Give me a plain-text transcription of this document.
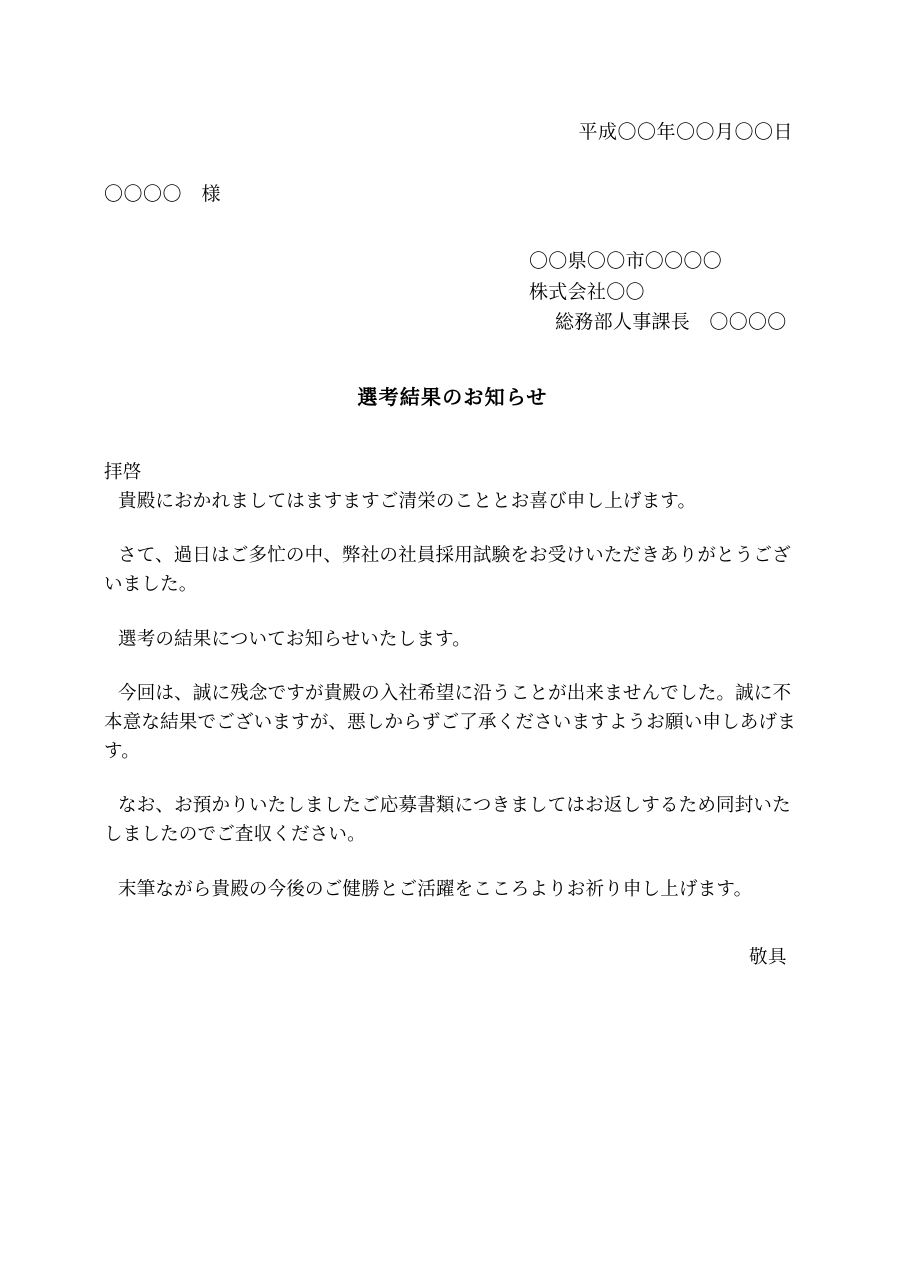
平成〇〇年〇〇月〇〇日

〇〇〇〇　様

〇〇県〇〇市〇〇〇〇

株式会社〇〇

総務部人事課長　〇〇〇〇

選考結果のお知らせ

拝啓

貴殿におかれましてはますますご清栄のこととお喜び申し上げます。

さて、過日はご多忙の中、弊社の社員採用試験をお受けいただきありがとうございました。

選考の結果についてお知らせいたします。

今回は、誠に残念ですが貴殿の入社希望に沿うことが出来ませんでした。誠に不本意な結果でございますが、悪しからずご了承くださいますようお願い申しあげます。

なお、お預かりいたしましたご応募書類につきましてはお返しするため同封いたしましたのでご査収ください。

末筆ながら貴殿の今後のご健勝とご活躍をこころよりお祈り申し上げます。

敬具
